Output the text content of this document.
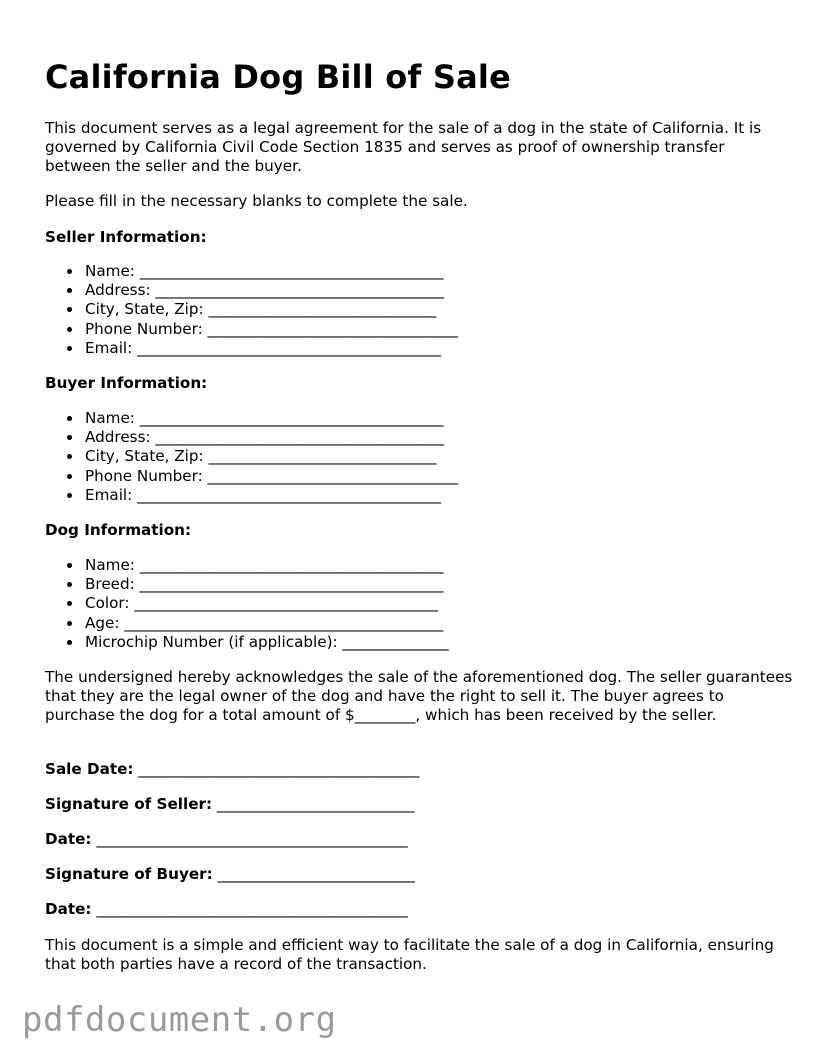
California Dog Bill of Sale

This document serves as a legal agreement for the sale of a dog in the state of California. It is governed by California Civil Code Section 1835 and serves as proof of ownership transfer between the seller and the buyer.

Please fill in the necessary blanks to complete the sale.

Seller Information:

Name: ________________________________________
Address: ______________________________________
City, State, Zip: ______________________________
Phone Number: _________________________________
Email: ________________________________________

Buyer Information:

Name: ________________________________________
Address: ______________________________________
City, State, Zip: ______________________________
Phone Number: _________________________________
Email: ________________________________________

Dog Information:

Name: ________________________________________
Breed: ________________________________________
Color: ________________________________________
Age: __________________________________________
Microchip Number (if applicable): ______________

The undersigned hereby acknowledges the sale of the aforementioned dog. The seller guarantees that they are the legal owner of the dog and have the right to sell it. The buyer agrees to purchase the dog for a total amount of $________, which has been received by the seller.

Sale Date: _____________________________________

Signature of Seller: __________________________

Date: _________________________________________

Signature of Buyer: __________________________

Date: _________________________________________

This document is a simple and efficient way to facilitate the sale of a dog in California, ensuring that both parties have a record of the transaction.

pdfdocument.org
